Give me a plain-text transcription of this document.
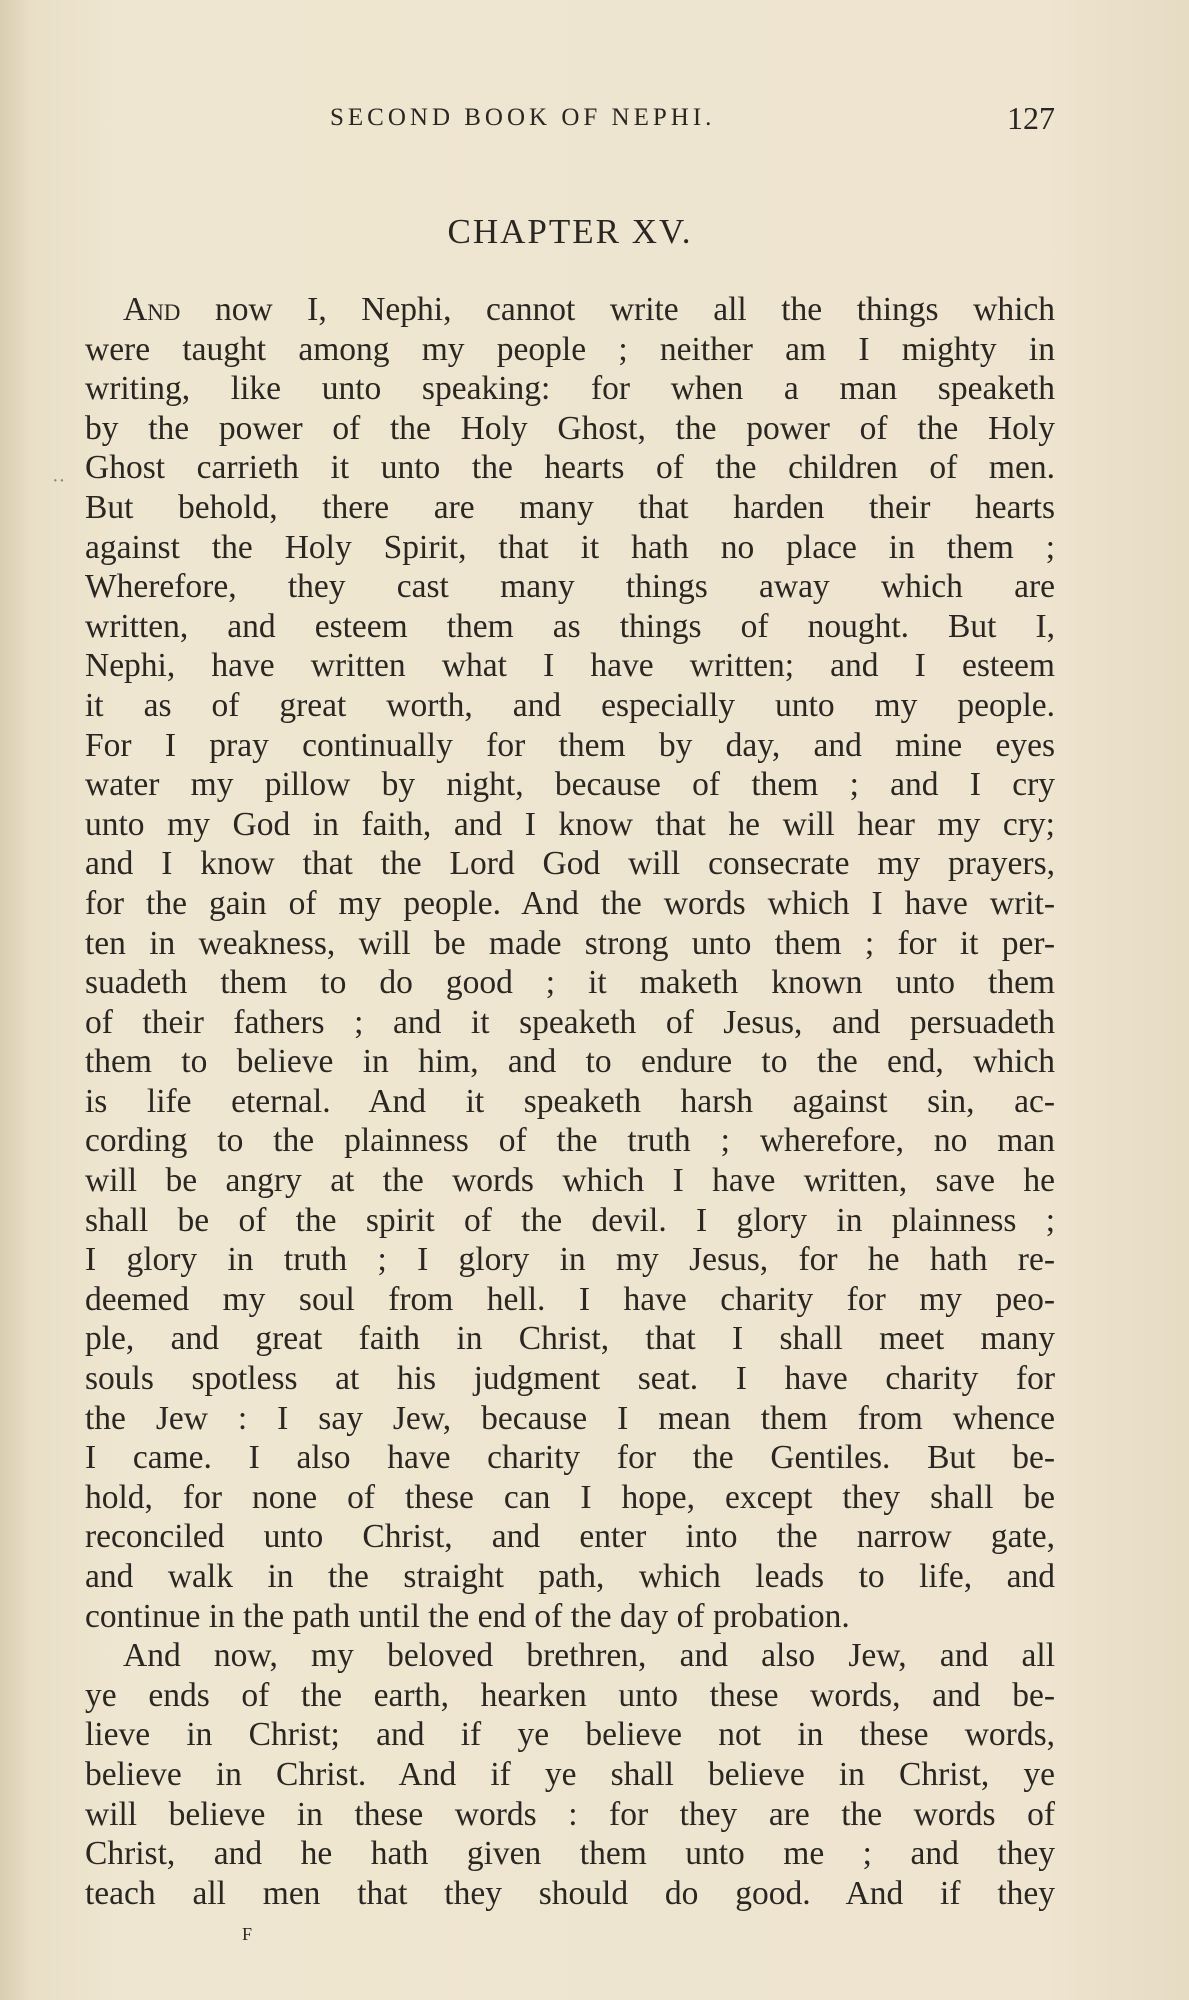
··
SECOND BOOK OF NEPHI.	127
CHAPTER XV.
And now I, Nephi, cannot write all the things which
were taught among my people ; neither am I mighty in
writing, like unto speaking: for when a man speaketh
by the power of the Holy Ghost, the power of the Holy
Ghost carrieth it unto the hearts of the children of men.
But behold, there are many that harden their hearts
against the Holy Spirit, that it hath no place in them ;
Wherefore, they cast many things away which are
written, and esteem them as things of nought. But I,
Nephi, have written what I have written; and I esteem
it as of great worth, and especially unto my people.
For I pray continually for them by day, and mine eyes
water my pillow by night, because of them ; and I cry
unto my God in faith, and I know that he will hear my cry;
and I know that the Lord God will consecrate my prayers,
for the gain of my people. And the words which I have writ-
ten in weakness, will be made strong unto them ; for it per-
suadeth them to do good ; it maketh known unto them
of their fathers ; and it speaketh of Jesus, and persuadeth
them to believe in him, and to endure to the end, which
is life eternal. And it speaketh harsh against sin, ac-
cording to the plainness of the truth ; wherefore, no man
will be angry at the words which I have written, save he
shall be of the spirit of the devil. I glory in plainness ;
I glory in truth ; I glory in my Jesus, for he hath re-
deemed my soul from hell. I have charity for my peo-
ple, and great faith in Christ, that I shall meet many
souls spotless at his judgment seat. I have charity for
the Jew : I say Jew, because I mean them from whence
I came. I also have charity for the Gentiles. But be-
hold, for none of these can I hope, except they shall be
reconciled unto Christ, and enter into the narrow gate,
and walk in the straight path, which leads to life, and
continue in the path until the end of the day of probation.
And now, my beloved brethren, and also Jew, and all
ye ends of the earth, hearken unto these words, and be-
lieve in Christ; and if ye believe not in these words,
believe in Christ. And if ye shall believe in Christ, ye
will believe in these words : for they are the words of
Christ, and he hath given them unto me ; and they
teach all men that they should do good. And if they
F
